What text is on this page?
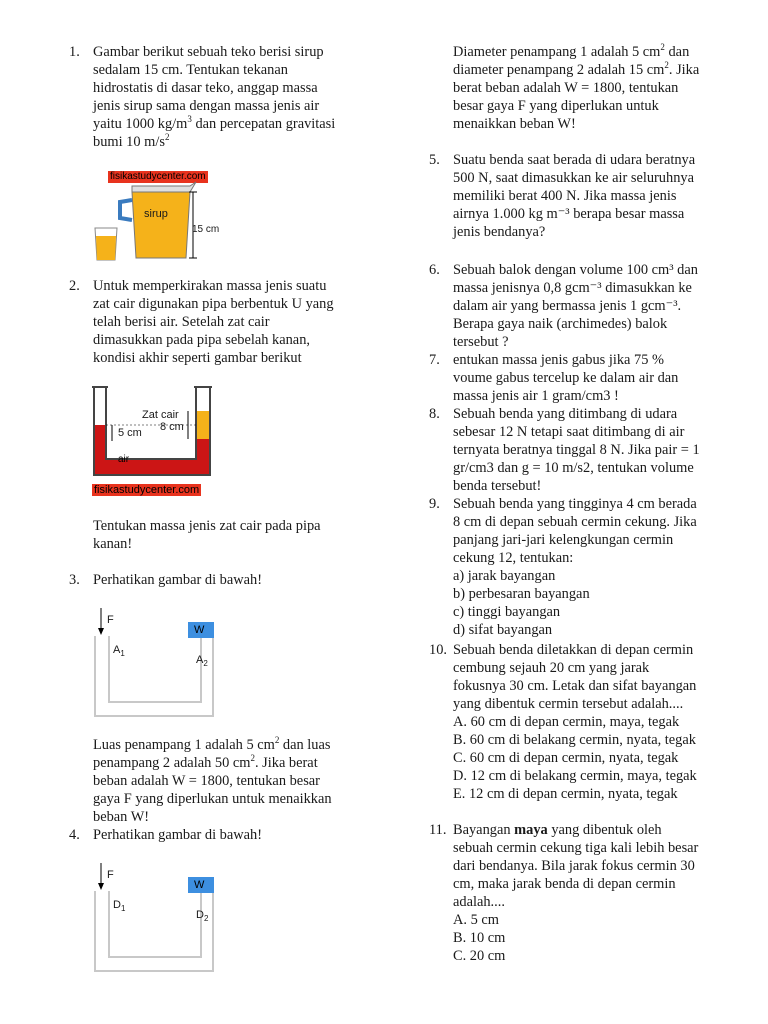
1. Gambar berikut sebuah teko berisi sirup
sedalam 15 cm. Tentukan tekanan
hidrostatis di dasar teko, anggap massa
jenis sirup sama dengan massa jenis air
yaitu 1000 $kg/m^3$ dan percepatan gravitasi
bumi 10 $m/s^2$
fisikastudycenter.com
sirup
15 cm
2. Untuk memperkirakan massa jenis suatu
zat cair digunakan pipa berbentuk U yang
telah berisi air. Setelah zat cair
dimasukkan pada pipa sebelah kanan,
kondisi akhir seperti gambar berikut
Zat cair
5 cm 8 cm
air
fisikastudycenter.com
Tentukan massa jenis zat cair pada pipa
kanan!
3. Perhatikan gambar di bawah!
F
W
$A_1$
$A_2$
Luas penampang 1 adalah 5 $cm^2$ dan luas
penampang 2 adalah 50 $cm^2$. Jika berat
beban adalah W = 1800, tentukan besar
gaya F yang diperlukan untuk menaikkan
beban W!
4. Perhatikan gambar di bawah!
F
W
$D_1$
$D_2$
Diameter penampang 1 adalah 5 $cm^2$ dan
diameter penampang 2 adalah 15 $cm^2$. Jika
berat beban adalah W = 1800, tentukan
besar gaya F yang diperlukan untuk
menaikkan beban W!
5. Suatu benda saat berada di udara beratnya
500 N, saat dimasukkan ke air seluruhnya
memiliki berat 400 N. Jika massa jenis
airnya 1.000 kg m⁻³ berapa besar massa
jenis bendanya?
6. Sebuah balok dengan volume 100 cm³ dan
massa jenisnya 0,8 gcm⁻³ dimasukkan ke
dalam air yang bermassa jenis 1 gcm⁻³.
Berapa gaya naik (archimedes) balok
tersebut ?
7. entukan massa jenis gabus jika 75 %
voume gabus tercelup ke dalam air dan
massa jenis air 1 gram/cm3 !
8. Sebuah benda yang ditimbang di udara
sebesar 12 N tetapi saat ditimbang di air
ternyata beratnya tinggal 8 N. Jika pair = 1
gr/cm3 dan g = 10 m/s2, tentukan volume
benda tersebut!
9. Sebuah benda yang tingginya 4 cm berada
8 cm di depan sebuah cermin cekung. Jika
panjang jari-jari kelengkungan cermin
cekung 12, tentukan:
a) jarak bayangan
b) perbesaran bayangan
c) tinggi bayangan
d) sifat bayangan
10. Sebuah benda diletakkan di depan cermin
cembung sejauh 20 cm yang jarak
fokusnya 30 cm. Letak dan sifat bayangan
yang dibentuk cermin tersebut adalah....
A. 60 cm di depan cermin, maya, tegak
B. 60 cm di belakang cermin, nyata, tegak
C. 60 cm di depan cermin, nyata, tegak
D. 12 cm di belakang cermin, maya, tegak
E. 12 cm di depan cermin, nyata, tegak
11. Bayangan maya yang dibentuk oleh
sebuah cermin cekung tiga kali lebih besar
dari bendanya. Bila jarak fokus cermin 30
cm, maka jarak benda di depan cermin
adalah....
A. 5 cm
B. 10 cm
C. 20 cm
